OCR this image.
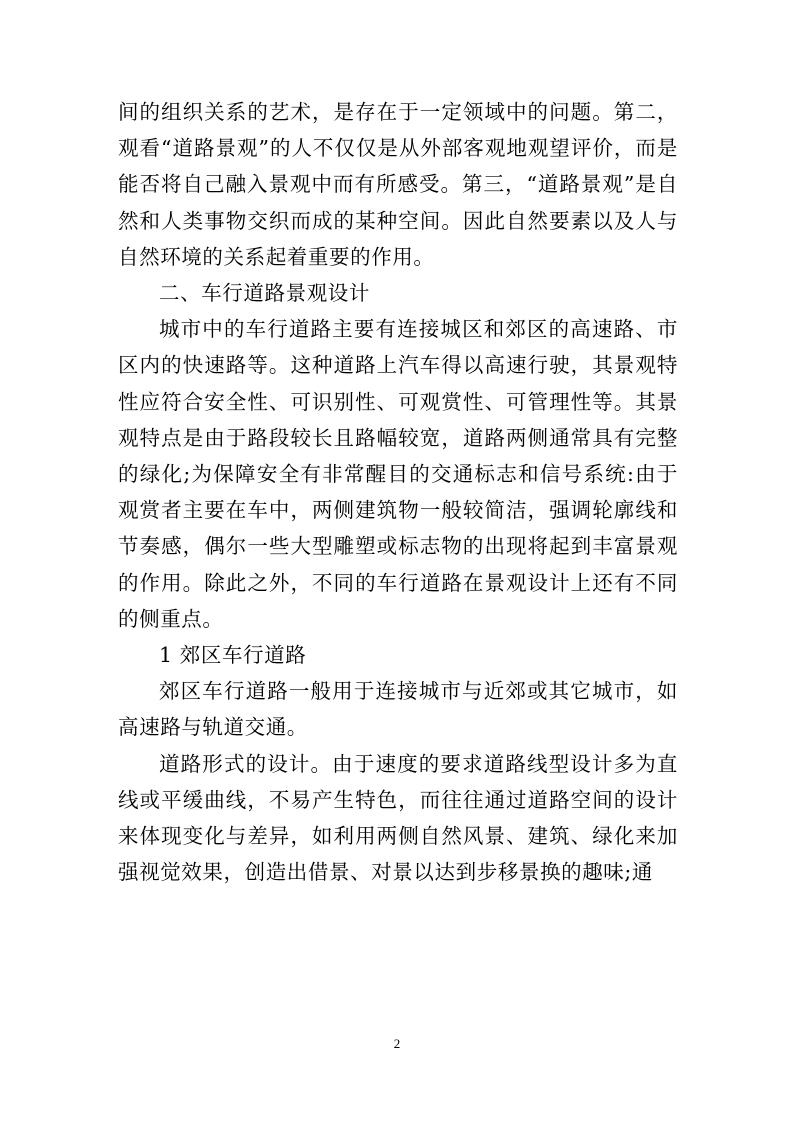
间的组织关系的艺术，是存在于一定领域中的问题。第二，观看“道路景观”的人不仅仅是从外部客观地观望评价，而是能否将自己融入景观中而有所感受。第三，“道路景观”是自然和人类事物交织而成的某种空间。因此自然要素以及人与自然环境的关系起着重要的作用。

二、车行道路景观设计

城市中的车行道路主要有连接城区和郊区的高速路、市区内的快速路等。这种道路上汽车得以高速行驶，其景观特性应符合安全性、可识别性、可观赏性、可管理性等。其景观特点是由于路段较长且路幅较宽，道路两侧通常具有完整的绿化;为保障安全有非常醒目的交通标志和信号系统:由于观赏者主要在车中，两侧建筑物一般较简洁，强调轮廓线和节奏感，偶尔一些大型雕塑或标志物的出现将起到丰富景观的作用。除此之外，不同的车行道路在景观设计上还有不同的侧重点。

1 郊区车行道路

郊区车行道路一般用于连接城市与近郊或其它城市，如高速路与轨道交通。

道路形式的设计。由于速度的要求道路线型设计多为直线或平缓曲线，不易产生特色，而往往通过道路空间的设计来体现变化与差异，如利用两侧自然风景、建筑、绿化来加强视觉效果，创造出借景、对景以达到步移景换的趣味;通

2
